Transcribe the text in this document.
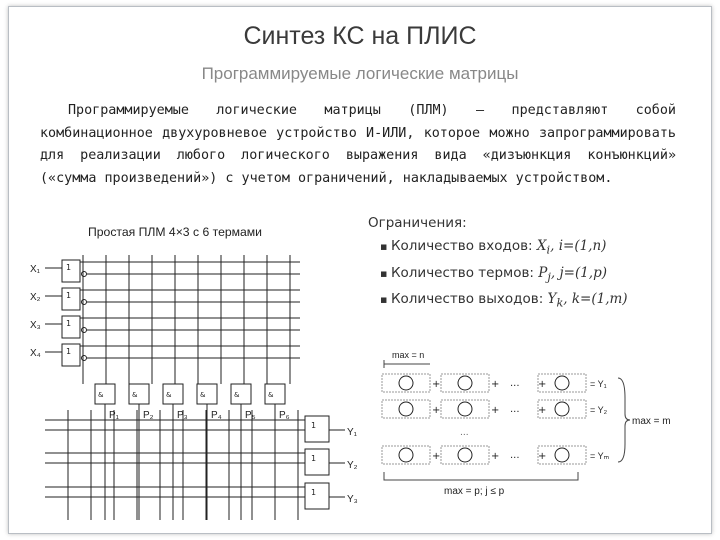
Синтез КС на ПЛИС
Программируемые логические матрицы
Программируемые логические матрицы (ПЛМ) — представляют собой комбинационное двухуровневое устройство И-ИЛИ, которое можно запрограммировать для реализации любого логического выражения вида «дизъюнкция конъюнкций» («сумма произведений») с учетом ограничений, накладываемых устройством.
Простая ПЛМ 4×3 с 6 термами
Ограничения:
▪ Количество входов: $X_i$, i=(1,n)
▪ Количество термов: $P_j$, j=(1,p)
▪ Количество выходов: $Y_k$, k=(1,m)
X₁	1
X₂	1
X₃	1
X₄	1
&
P₁
&
P₂
&
P₃
&
P₄
&
P₅
&
P₆
1
Y₁
1
Y₂
1
Y₃
max = n
+	+ ... +	= Y₁
+	+ ... +	= Y₂
+	+ ... +	= Yₘ
...
max = m
max = p; j ≤ p
